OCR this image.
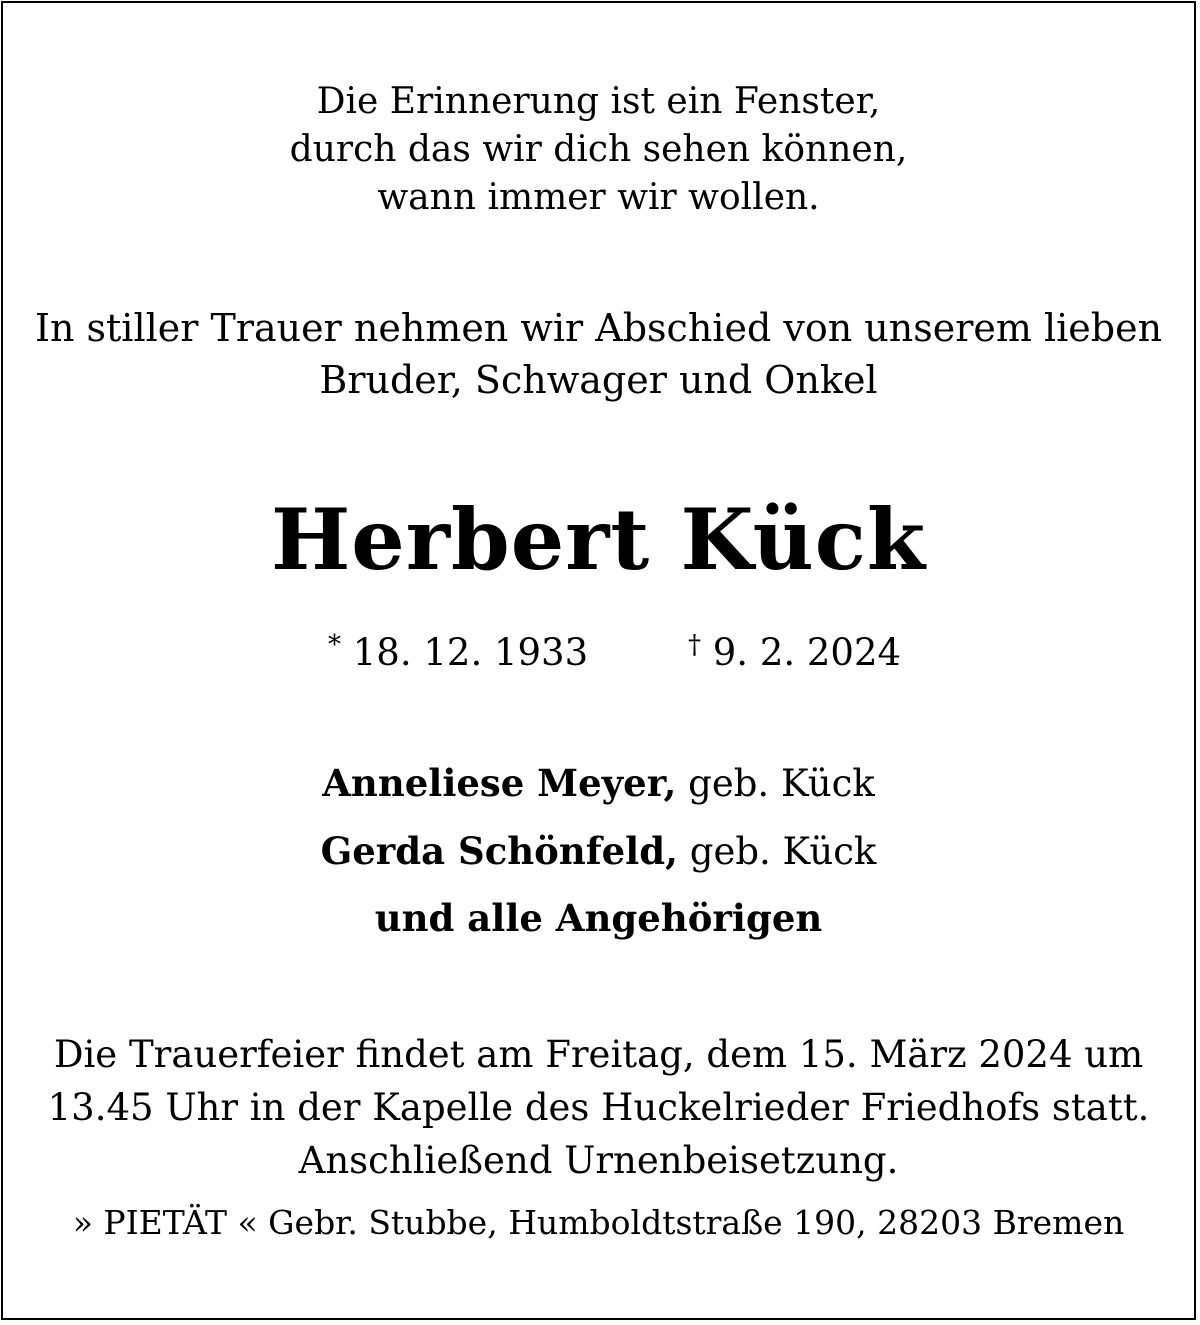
Die Erinnerung ist ein Fenster,
durch das wir dich sehen können,
wann immer wir wollen.
In stiller Trauer nehmen wir Abschied von unserem lieben
Bruder, Schwager und Onkel
Herbert Kück
* 18. 12. 1933	† 9. 2. 2024
Anneliese Meyer, geb. Kück
Gerda Schönfeld, geb. Kück
und alle Angehörigen
Die Trauerfeier findet am Freitag, dem 15. März 2024 um
13.45 Uhr in der Kapelle des Huckelrieder Friedhofs statt.
Anschließend Urnenbeisetzung.
» PIETÄT « Gebr. Stubbe, Humboldtstraße 190, 28203 Bremen
